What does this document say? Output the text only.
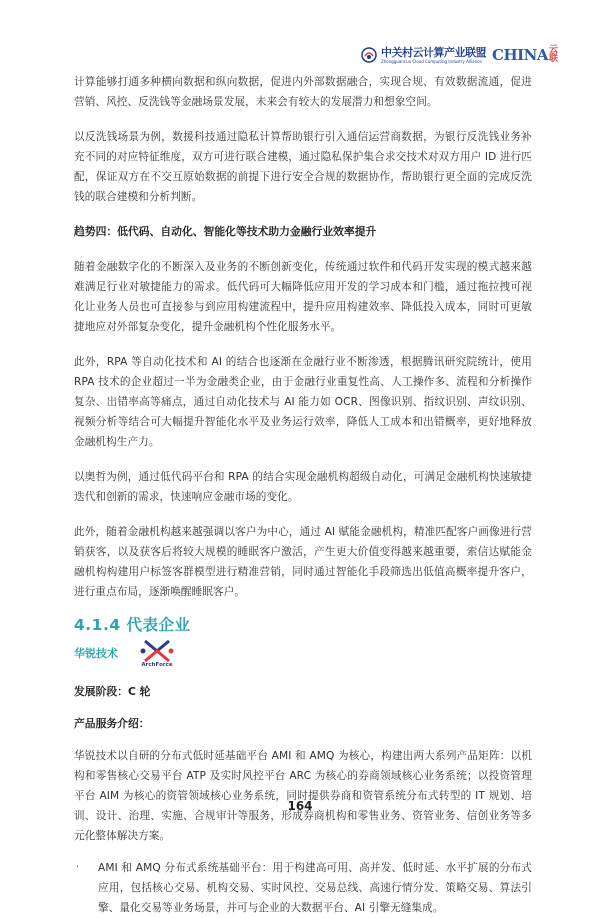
中关村云计算产业联盟
Zhongguancun Cloud Computing Industry Alliance CHINA 云联

计算能够打通多种横向数据和纵向数据，促进内外部数据融合，实现合规、有效数据流通，促进营销、风控、反洗钱等金融场景发展，未来会有较大的发展潜力和想象空间。

以反洗钱场景为例，数援科技通过隐私计算帮助银行引入通信运营商数据，为银行反洗钱业务补充不同的对应特征维度，双方可进行联合建模，通过隐私保护集合求交技术对双方用户 ID 进行匹配，保证双方在不交互原始数据的前提下进行安全合规的数据协作，帮助银行更全面的完成反洗钱的联合建模和分析判断。

趋势四：低代码、自动化、智能化等技术助力金融行业效率提升

随着金融数字化的不断深入及业务的不断创新变化，传统通过软件和代码开发实现的模式越来越难满足行业对敏捷能力的需求。低代码可大幅降低应用开发的学习成本和门槛，通过拖拉拽可视化让业务人员也可直接参与到应用构建流程中，提升应用构建效率、降低投入成本，同时可更敏捷地应对外部复杂变化，提升金融机构个性化服务水平。

此外，RPA 等自动化技术和 AI 的结合也逐渐在金融行业不断渗透，根据腾讯研究院统计，使用 RPA 技术的企业超过一半为金融类企业，由于金融行业重复性高、人工操作多、流程和分析操作复杂、出错率高等痛点，通过自动化技术与 AI 能力如 OCR、图像识别、指纹识别、声纹识别、视频分析等结合可大幅提升智能化水平及业务运行效率，降低人工成本和出错概率，更好地释放金融机构生产力。

以奥哲为例，通过低代码平台和 RPA 的结合实现金融机构超级自动化，可满足金融机构快速敏捷迭代和创新的需求，快速响应金融市场的变化。

此外，随着金融机构越来越强调以客户为中心，通过 AI 赋能金融机构，精准匹配客户画像进行营销获客，以及获客后将较大规模的睡眠客户激活，产生更大价值变得越来越重要，索信达赋能金融机构构建用户标签客群模型进行精准营销，同时通过智能化手段筛选出低值高概率提升客户，进行重点布局，逐渐唤醒睡眠客户。

4.1.4 代表企业
华锐技术
ArchForce

发展阶段：C 轮

产品服务介绍：

华锐技术以自研的分布式低时延基础平台 AMI 和 AMQ 为核心，构建出两大系列产品矩阵：以机构和零售核心交易平台 ATP 及实时风控平台 ARC 为核心的券商领域核心业务系统；以投资管理平台 AIM 为核心的资管领域核心业务系统，同时提供券商和资管系统分布式转型的 IT 规划、培训、设计、治理、实施、合规审计等服务，形成券商机构和零售业务、资管业务、信创业务等多元化整体解决方案。

·	AMI 和 AMQ 分布式系统基础平台：用于构建高可用、高并发、低时延、水平扩展的分布式应用，包括核心交易、机构交易、实时风控、交易总线、高速行情分发、策略交易、算法引擎、量化交易等业务场景，并可与企业的大数据平台、AI 引擎无缝集成。

164
